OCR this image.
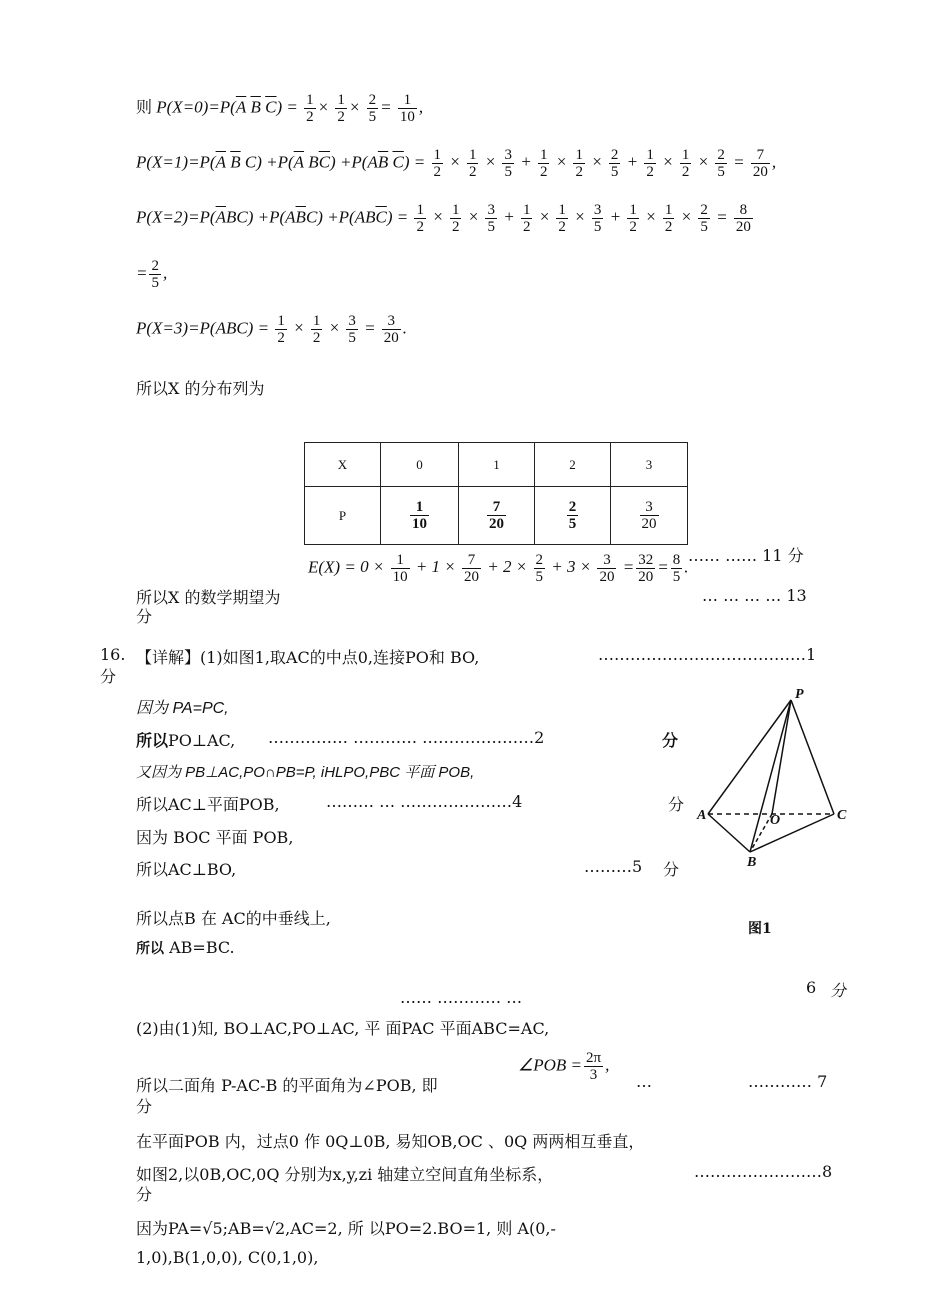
则 $P(X=0)=P(\overline{A}$ $\overline{B}$ $\overline{C}) = \frac{1}{2} \times \frac{1}{2} \times \frac{2}{5} = \frac{1}{10}$ ,
$P(X=1)=P(\overline{A}$ $\overline{B}$ $C) +P(\overline{A}$ $B\overline{C}) +P(A\overline{B}$ $\overline{C}) = \frac{1}{2} \times \frac{1}{2} \times \frac{3}{5} + \frac{1}{2} \times \frac{1}{2} \times \frac{2}{5} + \frac{1}{2} \times \frac{1}{2} \times \frac{2}{5} = \frac{7}{20}$ ,
$P(X=2)=P(\overline{A}BC) +P(A\overline{B}C) +P(AB\overline{C}) = \frac{1}{2} \times \frac{1}{2} \times \frac{3}{5} + \frac{1}{2} \times \frac{1}{2} \times \frac{3}{5} + \frac{1}{2} \times \frac{1}{2} \times \frac{2}{5} = \frac{8}{20}$
= $\frac{2}{5}$ ,
$P(X=3)=P(ABC) = \frac{1}{2} \times \frac{1}{2} \times \frac{3}{5} = \frac{3}{20}$ .
所以X 的分布列为
X	0	1	2	3
P	$\frac{1}{10}$	$\frac{7}{20}$	$\frac{2}{5}$	$\frac{3}{20}$
…… …… 11 分
$E(X) = 0 \times \frac{1}{10} + 1 \times \frac{7}{20} + 2 \times \frac{2}{5} + 3 \times \frac{3}{20} = \frac{32}{20} = \frac{8}{5}$ .
所以X 的数学期望为
分
… … … … 13
16. 【详解】(1)如图1,取AC的中点0,连接PO和 BO,	…………………………………1
分
因为 PA=PC,
所以PO⊥AC, …………… ………… …………………2	分
又因为 PB⊥AC,PO∩PB=P, iHLPO,PBC 平面 POB,
所以AC⊥平面POB,	……… … …………………4	分
因为 BOC 平面 POB,
所以AC⊥BO,	………5 分
所以点B 在 AC的中垂线上,
所以 AB=BC.
P
A	C
B
O
图1
…… ………… …
6 分
(2)由(1)知, BO⊥AC,PO⊥AC, 平 面PAC 平面ABC=AC,
所以二面角 P-AC-B 的平面角为∠POB, 即
∠POB = $\frac{2\pi}{3}$ ,
…	………… 7
分
在平面POB 内，过点0 作 0Q⊥0B, 易知OB,OC 、0Q 两两相互垂直，
如图2,以0B,OC,0Q 分别为x,y,zi 轴建立空间直角坐标系，	……………………8
分
因为PA=√5;AB=√2,AC=2, 所 以PO=2.BO=1, 则 A(0,-
1,0),B(1,0,0), C(0,1,0),
